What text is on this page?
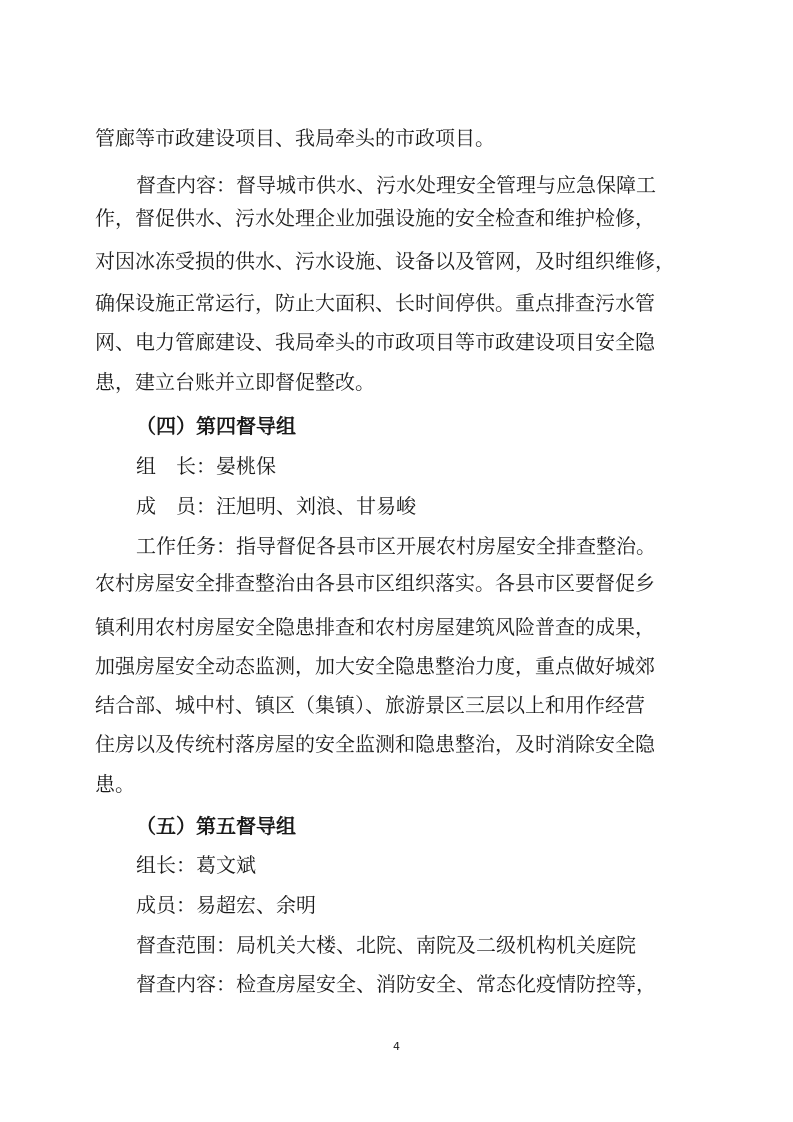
管廊等市政建设项目、我局牵头的市政项目。
督查内容：督导城市供水、污水处理安全管理与应急保障工
作，督促供水、污水处理企业加强设施的安全检查和维护检修，
对因冰冻受损的供水、污水设施、设备以及管网，及时组织维修，
确保设施正常运行，防止大面积、长时间停供。重点排查污水管
网、电力管廊建设、我局牵头的市政项目等市政建设项目安全隐
患，建立台账并立即督促整改。
（四）第四督导组
组　长：晏桃保
成　员：汪旭明、刘浪、甘易峻
工作任务：指导督促各县市区开展农村房屋安全排查整治。
农村房屋安全排查整治由各县市区组织落实。各县市区要督促乡
镇利用农村房屋安全隐患排查和农村房屋建筑风险普查的成果，
加强房屋安全动态监测，加大安全隐患整治力度，重点做好城郊
结合部、城中村、镇区（集镇）、旅游景区三层以上和用作经营
住房以及传统村落房屋的安全监测和隐患整治，及时消除安全隐
患。
（五）第五督导组
组长：葛文斌
成员：易超宏、余明
督查范围：局机关大楼、北院、南院及二级机构机关庭院
督查内容：检查房屋安全、消防安全、常态化疫情防控等，
4
